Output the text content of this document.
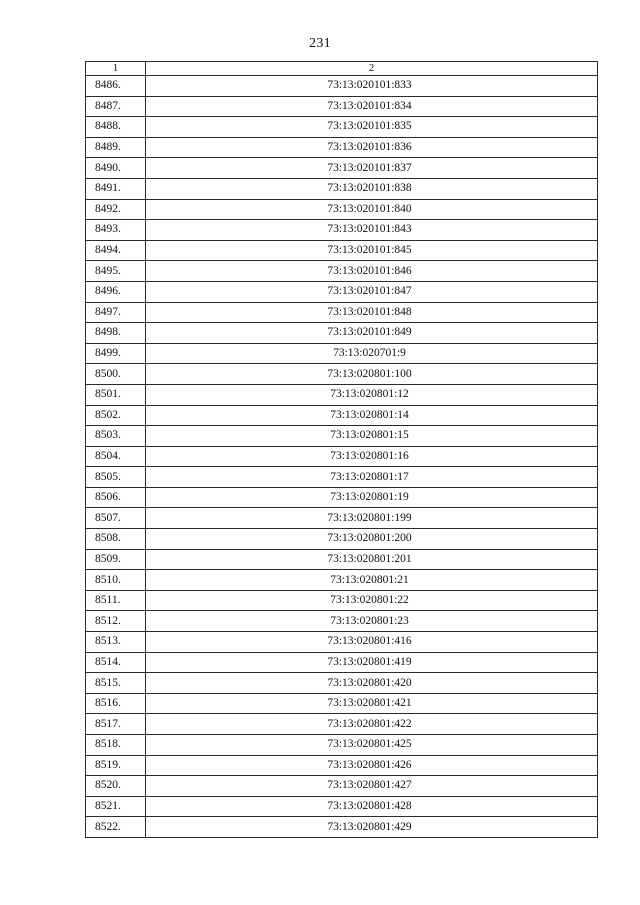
231
1	2
8486.	73:13:020101:833
8487.	73:13:020101:834
8488.	73:13:020101:835
8489.	73:13:020101:836
8490.	73:13:020101:837
8491.	73:13:020101:838
8492.	73:13:020101:840
8493.	73:13:020101:843
8494.	73:13:020101:845
8495.	73:13:020101:846
8496.	73:13:020101:847
8497.	73:13:020101:848
8498.	73:13:020101:849
8499.	73:13:020701:9
8500.	73:13:020801:100
8501.	73:13:020801:12
8502.	73:13:020801:14
8503.	73:13:020801:15
8504.	73:13:020801:16
8505.	73:13:020801:17
8506.	73:13:020801:19
8507.	73:13:020801:199
8508.	73:13:020801:200
8509.	73:13:020801:201
8510.	73:13:020801:21
8511.	73:13:020801:22
8512.	73:13:020801:23
8513.	73:13:020801:416
8514.	73:13:020801:419
8515.	73:13:020801:420
8516.	73:13:020801:421
8517.	73:13:020801:422
8518.	73:13:020801:425
8519.	73:13:020801:426
8520.	73:13:020801:427
8521.	73:13:020801:428
8522.	73:13:020801:429
